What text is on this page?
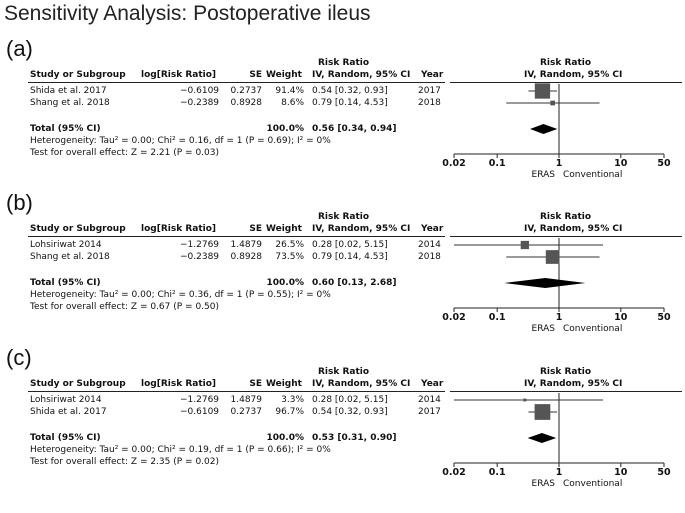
Sensitivity Analysis: Postoperative ileus
(a)
Risk Ratio	Risk Ratio
Study or Subgroup log[Risk Ratio]	SE Weight IV, Random, 95% CI Year	IV, Random, 95% CI
Shida et al. 2017	−0.6109	0.2737	91.4% 0.54 [0.32, 0.93]	2017
Shang et al. 2018	−0.2389	0.8928	8.6% 0.79 [0.14, 4.53]	2018
Total (95% CI)	100.0% 0.56 [0.34, 0.94]
Heterogeneity: Tau² = 0.00; Chi² = 0.16, df = 1 (P = 0.69); I² = 0%
Test for overall effect: Z = 2.21 (P = 0.03)
0.02 0.1	1	10	50
ERAS Conventional
(b)
Risk Ratio	Risk Ratio
Study or Subgroup log[Risk Ratio]	SE Weight IV, Random, 95% CI Year	IV, Random, 95% CI
Lohsiriwat 2014	−1.2769	1.4879	26.5% 0.28 [0.02, 5.15]	2014
Shang et al. 2018	−0.2389	0.8928	73.5% 0.79 [0.14, 4.53]	2018
Total (95% CI)	100.0% 0.60 [0.13, 2.68]
Heterogeneity: Tau² = 0.00; Chi² = 0.36, df = 1 (P = 0.55); I² = 0%
Test for overall effect: Z = 0.67 (P = 0.50)
0.02 0.1	1	10	50
ERAS Conventional
(c)
Risk Ratio	Risk Ratio
Study or Subgroup log[Risk Ratio]	SE Weight IV, Random, 95% CI Year	IV, Random, 95% CI
Lohsiriwat 2014	−1.2769	1.4879	3.3% 0.28 [0.02, 5.15]	2014
Shida et al. 2017	−0.6109	0.2737	96.7% 0.54 [0.32, 0.93]	2017
Total (95% CI)	100.0% 0.53 [0.31, 0.90]
Heterogeneity: Tau² = 0.00; Chi² = 0.19, df = 1 (P = 0.66); I² = 0%
Test for overall effect: Z = 2.35 (P = 0.02)
0.02 0.1	1	10	50
ERAS Conventional
